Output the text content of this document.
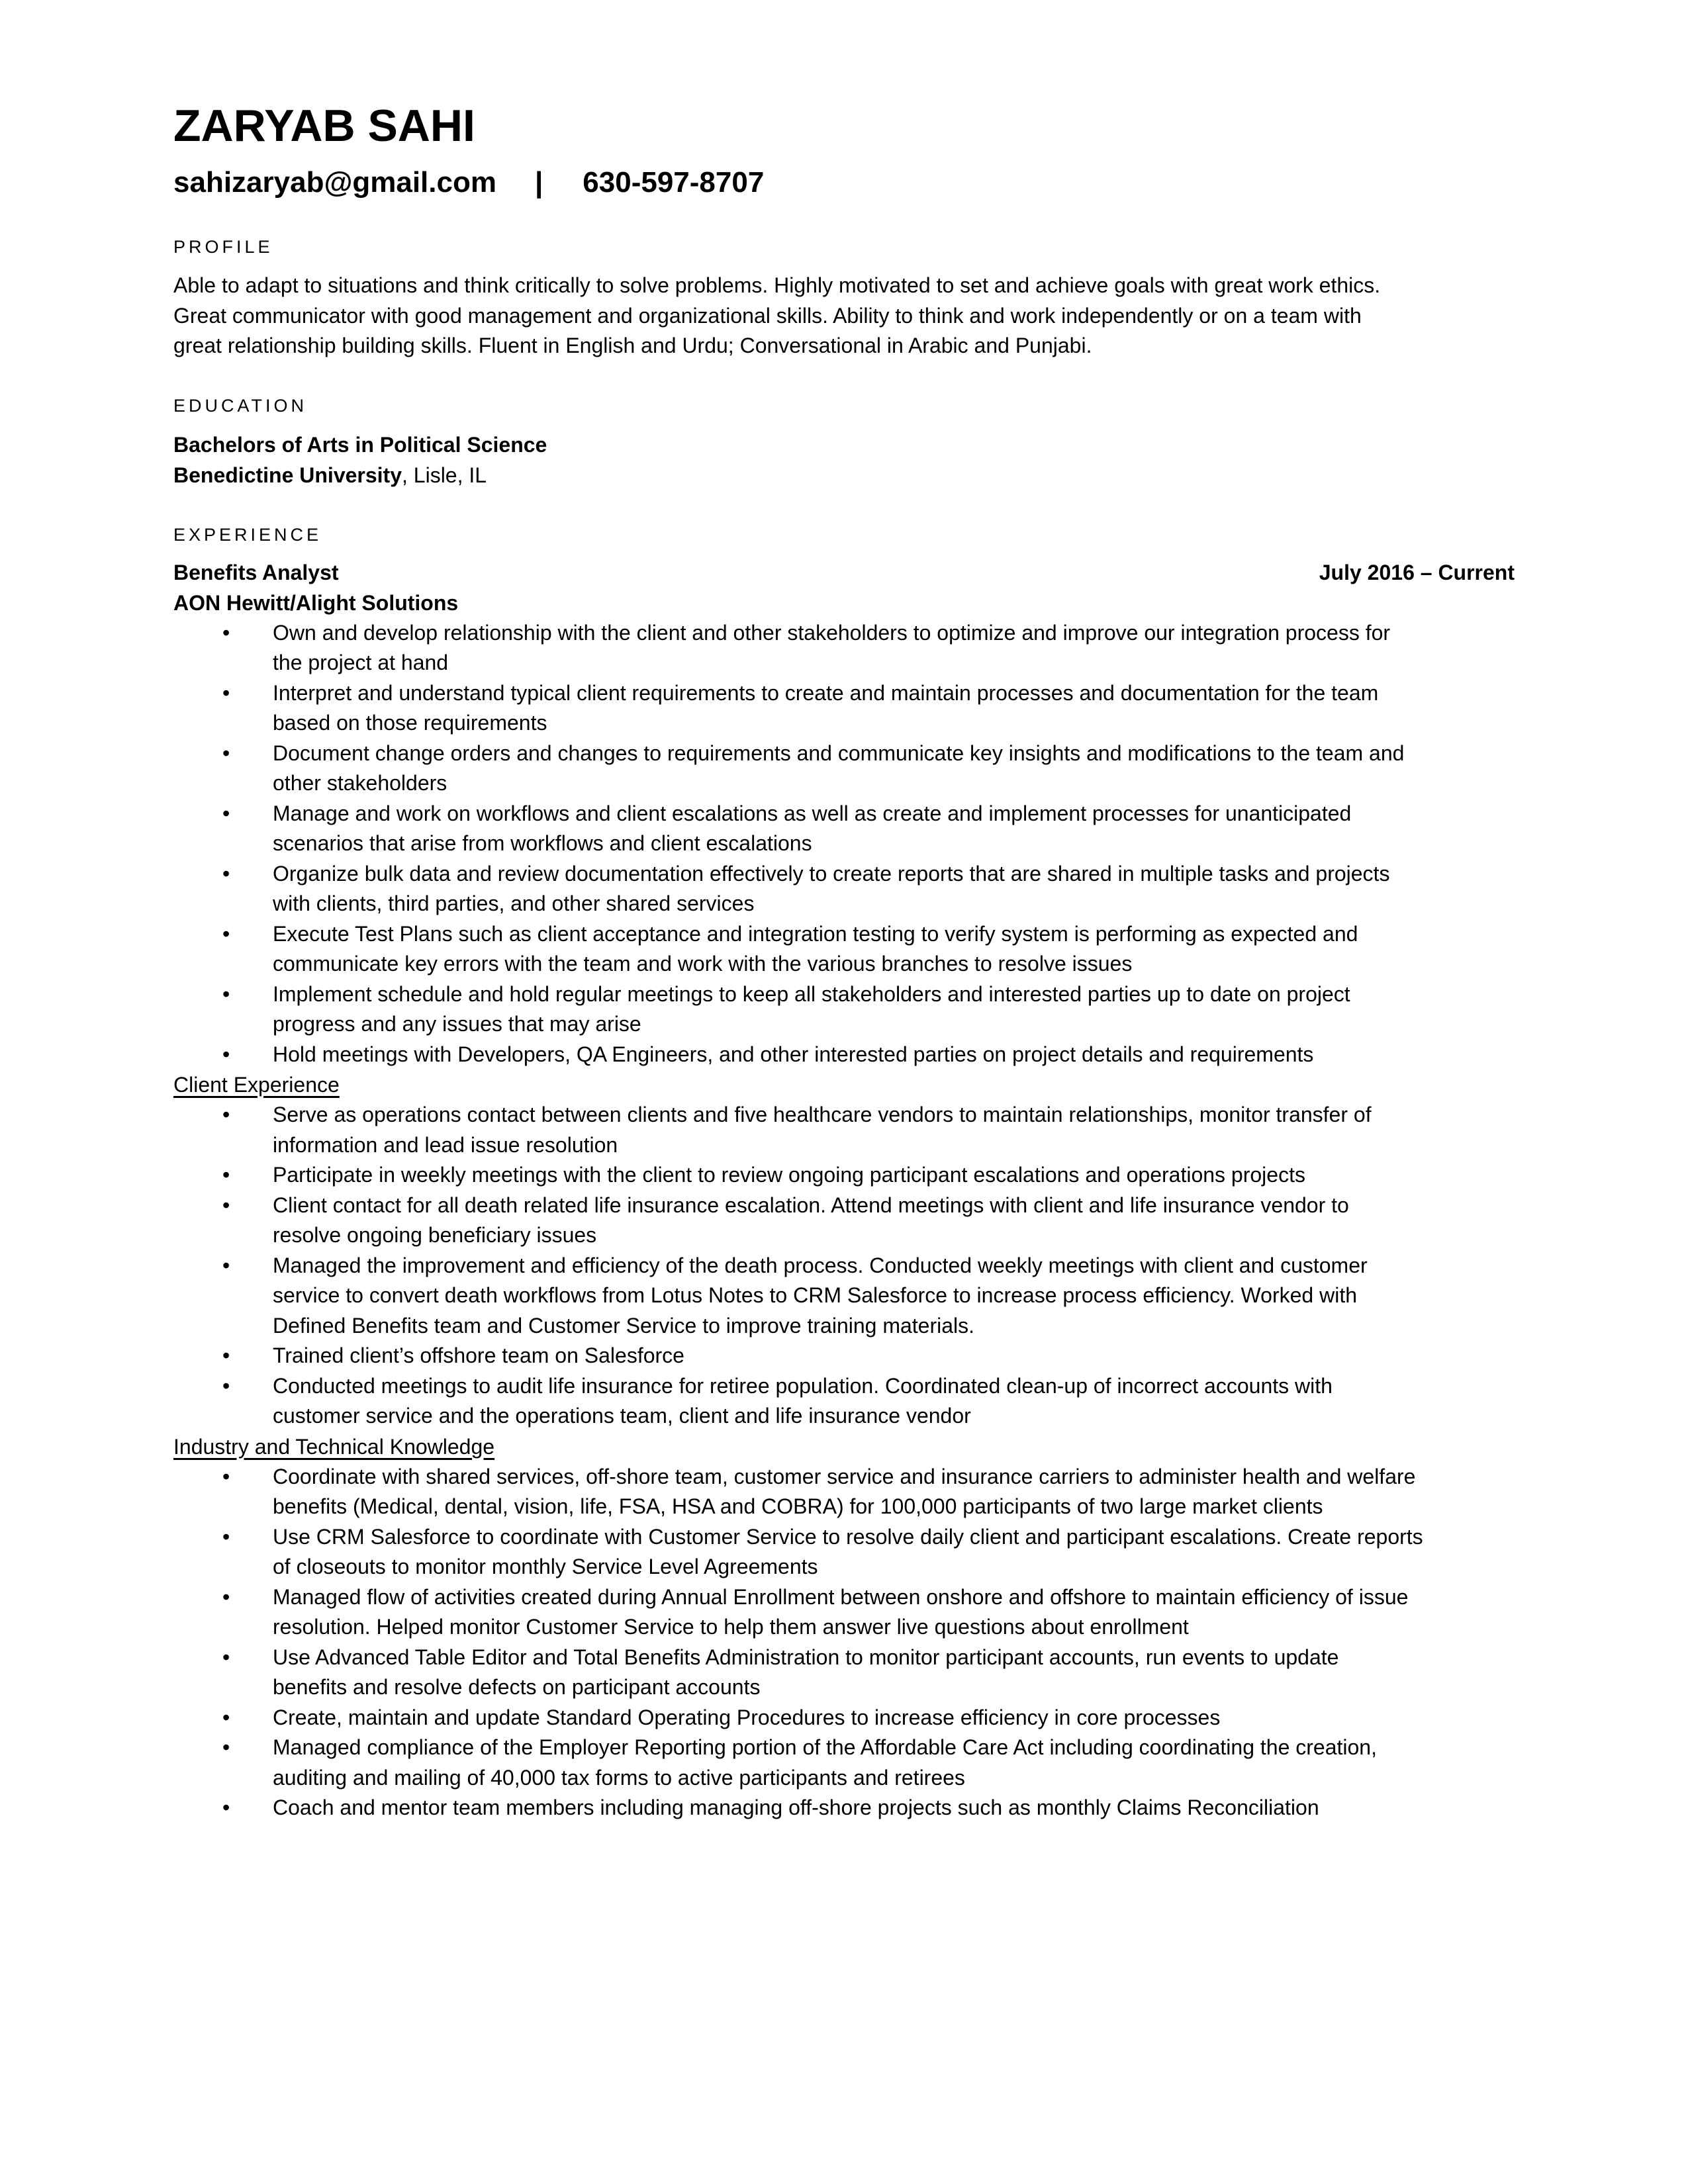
ZARYAB SAHI
sahizaryab@gmail.com | 630-597-8707
PROFILE
Able to adapt to situations and think critically to solve problems. Highly motivated to set and achieve goals with great work ethics.
Great communicator with good management and organizational skills. Ability to think and work independently or on a team with
great relationship building skills. Fluent in English and Urdu; Conversational in Arabic and Punjabi.
EDUCATION
Bachelors of Arts in Political Science
Benedictine University, Lisle, IL
EXPERIENCE
Benefits Analyst	July 2016 – Current
AON Hewitt/Alight Solutions
• Own and develop relationship with the client and other stakeholders to optimize and improve our integration process for
the project at hand
• Interpret and understand typical client requirements to create and maintain processes and documentation for the team
based on those requirements
• Document change orders and changes to requirements and communicate key insights and modifications to the team and
other stakeholders
• Manage and work on workflows and client escalations as well as create and implement processes for unanticipated
scenarios that arise from workflows and client escalations
• Organize bulk data and review documentation effectively to create reports that are shared in multiple tasks and projects
with clients, third parties, and other shared services
• Execute Test Plans such as client acceptance and integration testing to verify system is performing as expected and
communicate key errors with the team and work with the various branches to resolve issues
• Implement schedule and hold regular meetings to keep all stakeholders and interested parties up to date on project
progress and any issues that may arise
• Hold meetings with Developers, QA Engineers, and other interested parties on project details and requirements
Client Experience
• Serve as operations contact between clients and five healthcare vendors to maintain relationships, monitor transfer of
information and lead issue resolution
• Participate in weekly meetings with the client to review ongoing participant escalations and operations projects
• Client contact for all death related life insurance escalation. Attend meetings with client and life insurance vendor to
resolve ongoing beneficiary issues
• Managed the improvement and efficiency of the death process. Conducted weekly meetings with client and customer
service to convert death workflows from Lotus Notes to CRM Salesforce to increase process efficiency. Worked with
Defined Benefits team and Customer Service to improve training materials.
• Trained client’s offshore team on Salesforce
• Conducted meetings to audit life insurance for retiree population. Coordinated clean-up of incorrect accounts with
customer service and the operations team, client and life insurance vendor
Industry and Technical Knowledge
• Coordinate with shared services, off-shore team, customer service and insurance carriers to administer health and welfare
benefits (Medical, dental, vision, life, FSA, HSA and COBRA) for 100,000 participants of two large market clients
• Use CRM Salesforce to coordinate with Customer Service to resolve daily client and participant escalations. Create reports
of closeouts to monitor monthly Service Level Agreements
• Managed flow of activities created during Annual Enrollment between onshore and offshore to maintain efficiency of issue
resolution. Helped monitor Customer Service to help them answer live questions about enrollment
• Use Advanced Table Editor and Total Benefits Administration to monitor participant accounts, run events to update
benefits and resolve defects on participant accounts
• Create, maintain and update Standard Operating Procedures to increase efficiency in core processes
• Managed compliance of the Employer Reporting portion of the Affordable Care Act including coordinating the creation,
auditing and mailing of 40,000 tax forms to active participants and retirees
• Coach and mentor team members including managing off-shore projects such as monthly Claims Reconciliation
